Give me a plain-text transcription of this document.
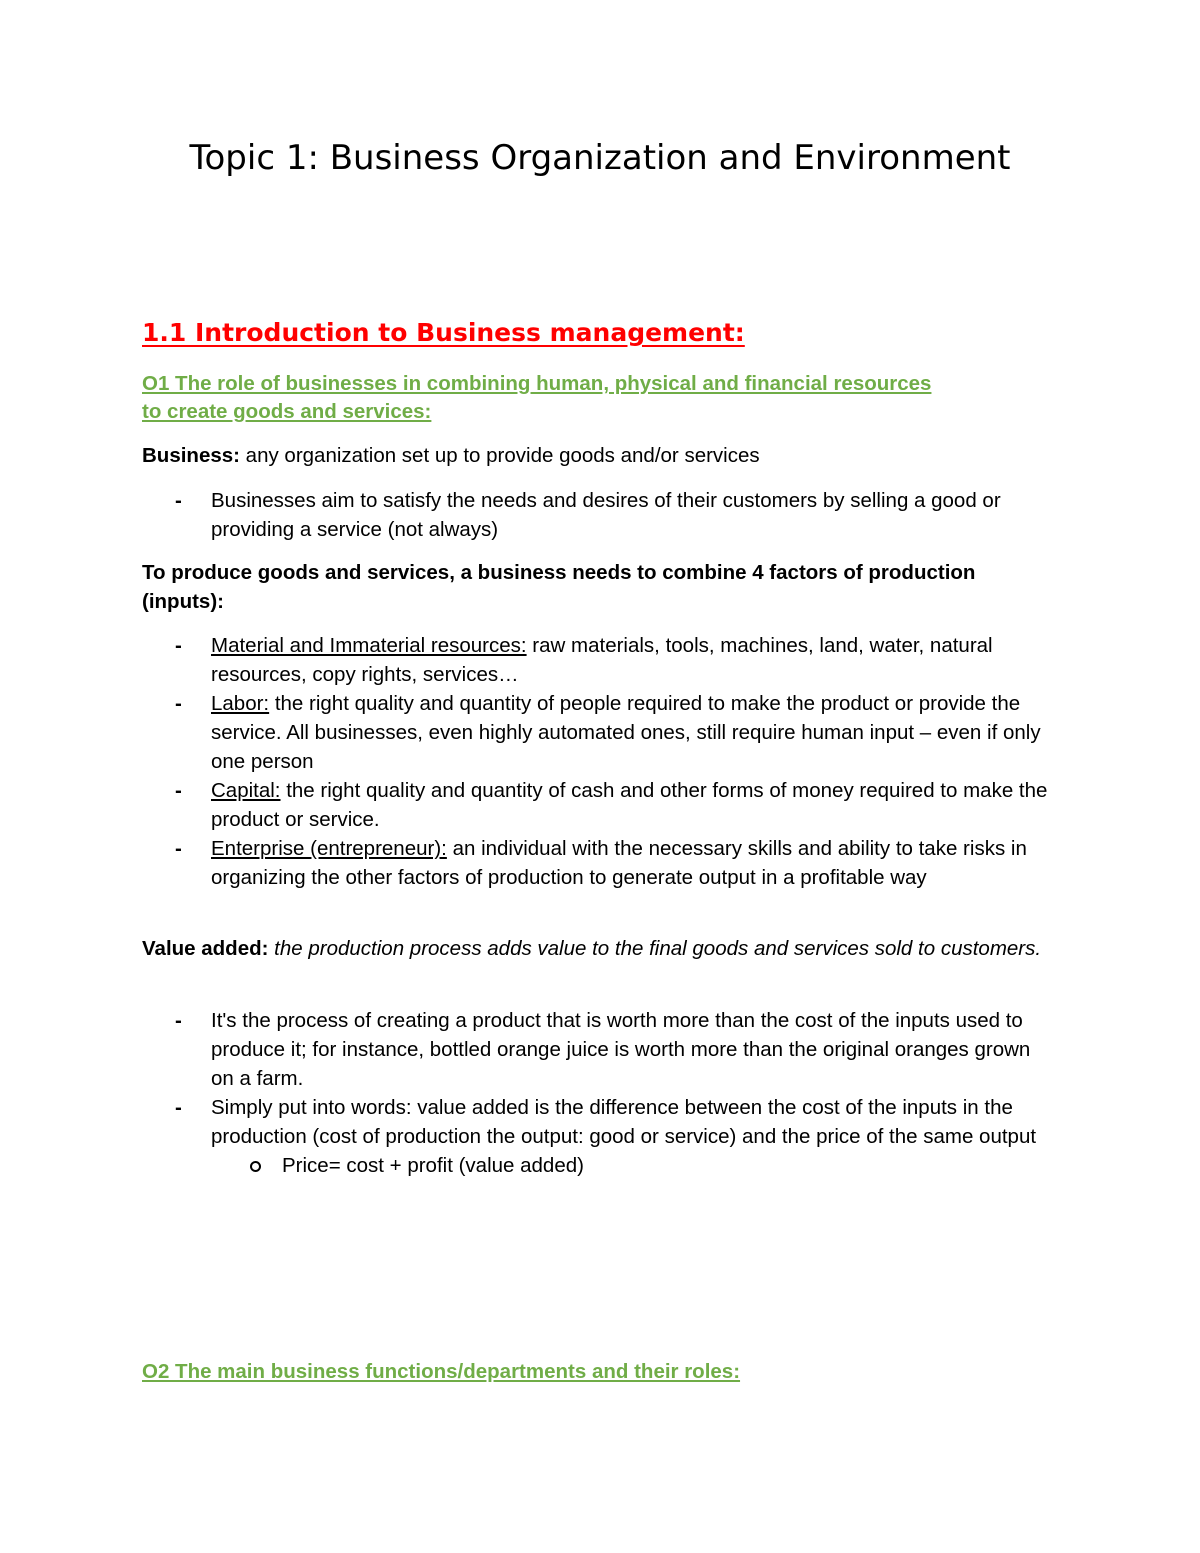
Topic 1: Business Organization and Environment
1.1 Introduction to Business management:
O1 The role of businesses in combining human, physical and financial resources
to create goods and services:
Business: any organization set up to provide goods and/or services
- Businesses aim to satisfy the needs and desires of their customers by selling a good or providing a service (not always)
To produce goods and services, a business needs to combine 4 factors of production (inputs):
- Material and Immaterial resources: raw materials, tools, machines, land, water, natural resources, copy rights, services…
- Labor: the right quality and quantity of people required to make the product or provide the service. All businesses, even highly automated ones, still require human input – even if only one person
- Capital: the right quality and quantity of cash and other forms of money required to make the product or service.
- Enterprise (entrepreneur): an individual with the necessary skills and ability to take risks in organizing the other factors of production to generate output in a profitable way
Value added: the production process adds value to the final goods and services sold to customers.
- It's the process of creating a product that is worth more than the cost of the inputs used to produce it; for instance, bottled orange juice is worth more than the original oranges grown on a farm.
- Simply put into words: value added is the difference between the cost of the inputs in the production (cost of production the output: good or service) and the price of the same output
Price= cost + profit (value added)
O2 The main business functions/departments and their roles:
